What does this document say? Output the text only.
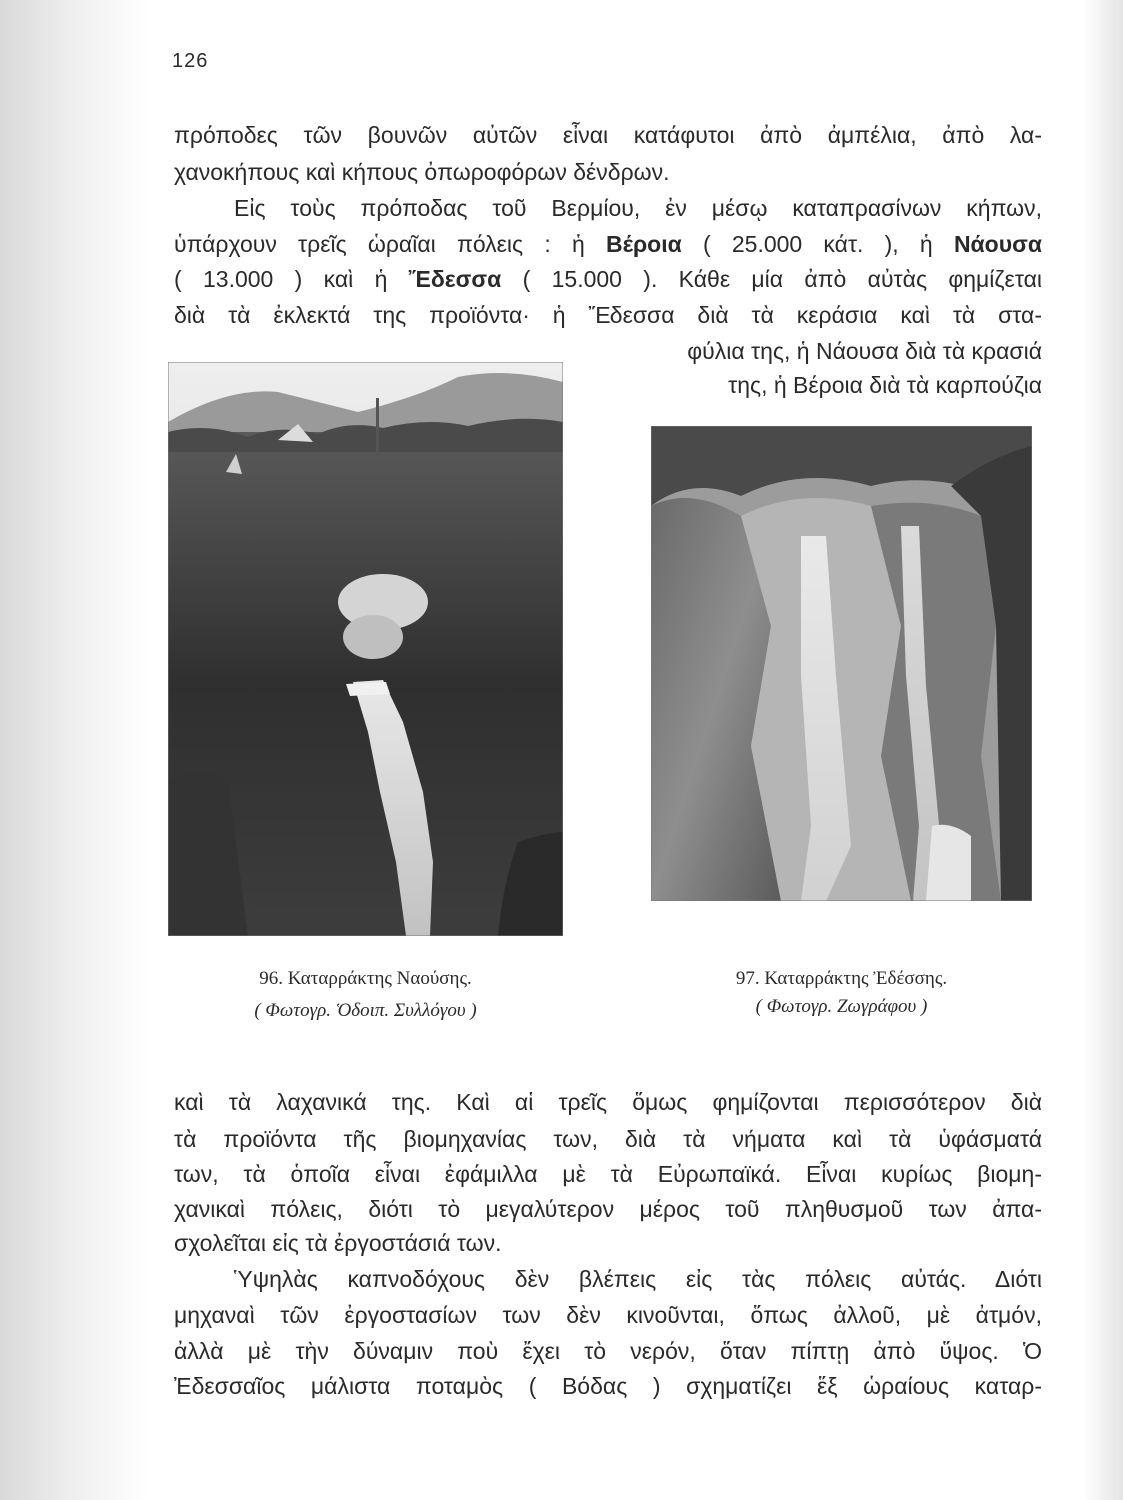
126
πρόποδες τῶν βουνῶν αὐτῶν εἶναι κατάφυτοι ἀπὸ ἀμπέλια, ἀπὸ λα-
χανοκήπους καὶ κήπους ὀπωροφόρων δένδρων.
Εἰς τοὺς πρόποδας τοῦ Βερμίου, ἐν μέσῳ καταπρασίνων κήπων,
ὑπάρχουν τρεῖς ὡραῖαι πόλεις : ἡ Βέροια ( 25.000 κάτ. ), ἡ Νάουσα
( 13.000 ) καὶ ἡ Ἔδεσσα ( 15.000 ). Κάθε μία ἀπὸ αὐτὰς φημίζεται
διὰ τὰ ἐκλεκτά της προϊόντα· ἡ Ἔδεσσα διὰ τὰ κεράσια καὶ τὰ στα-
φύλια της, ἡ Νάουσα διὰ τὰ κρασιά
της, ἡ Βέροια διὰ τὰ καρπούζια
96. Καταρράκτης Ναούσης.
( Φωτογρ. Ὁδοιπ. Συλλόγου )
97. Καταρράκτης Ἐδέσσης.
( Φωτογρ. Ζωγράφου )
καὶ τὰ λαχανικά της. Καὶ αἱ τρεῖς ὅμως φημίζονται περισσότερον διὰ
τὰ προϊόντα τῆς βιομηχανίας των, διὰ τὰ νήματα καὶ τὰ ὑφάσματά
των, τὰ ὁποῖα εἶναι ἐφάμιλλα μὲ τὰ Εὐρωπαϊκά. Εἶναι κυρίως βιομη-
χανικαὶ πόλεις, διότι τὸ μεγαλύτερον μέρος τοῦ πληθυσμοῦ των ἀπα-
σχολεῖται εἰς τὰ ἐργοστάσιά των.
Ὑψηλὰς καπνοδόχους δὲν βλέπεις εἰς τὰς πόλεις αὐτάς. Διότι
μηχαναὶ τῶν ἐργοστασίων των δὲν κινοῦνται, ὅπως ἀλλοῦ, μὲ ἀτμόν,
ἀλλὰ μὲ τὴν δύναμιν ποὺ ἔχει τὸ νερόν, ὅταν πίπτῃ ἀπὸ ὕψος. Ὁ
Ἐδεσσαῖος μάλιστα ποταμὸς ( Βόδας ) σχηματίζει ἕξ ὡραίους καταρ-
